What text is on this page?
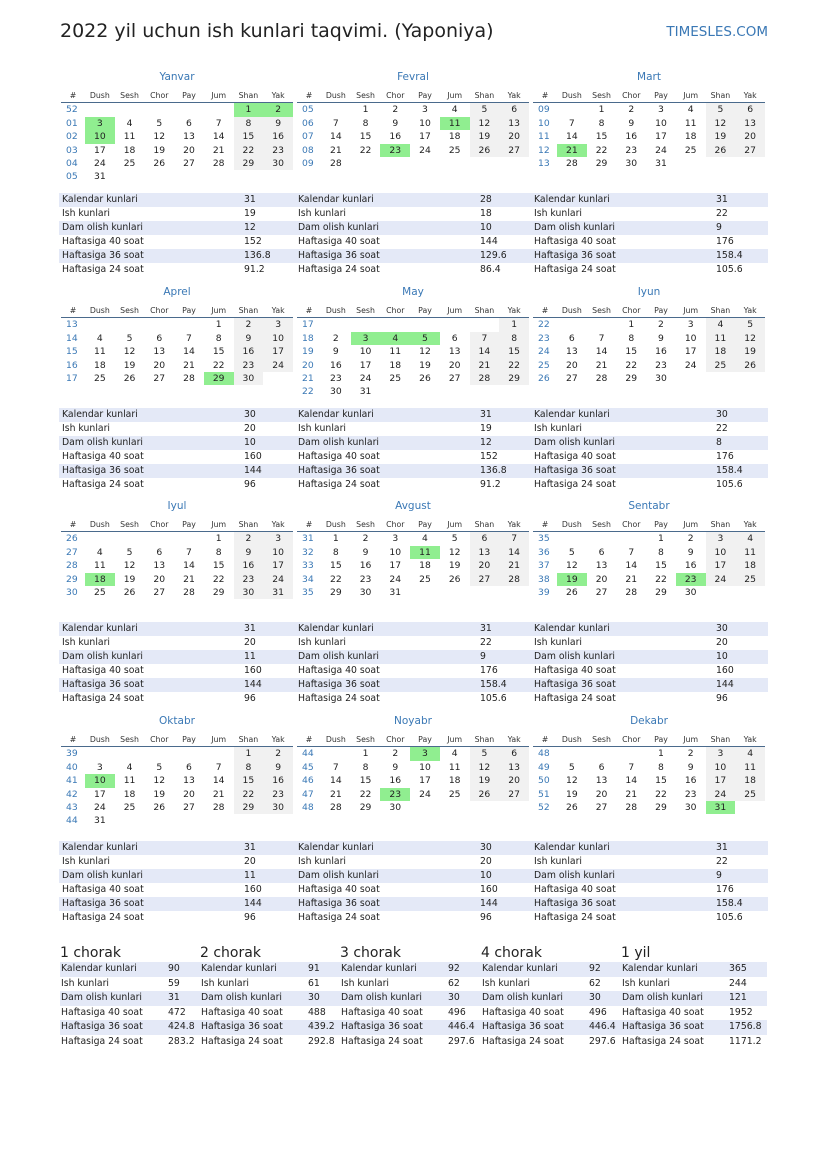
2022 yil uchun ish kunlari taqvimi. (Yaponiya)	TIMESLES.COM
Yanvar
#	Dush	Sesh	Chor	Pay	Jum	Shan	Yak
52						1	2
01	3	4	5	6	7	8	9
02	10	11	12	13	14	15	16
03	17	18	19	20	21	22	23
04	24	25	26	27	28	29	30
05	31						
Kalendar kunlari	31
Ish kunlari	19
Dam olish kunlari	12
Haftasiga 40 soat	152
Haftasiga 36 soat	136.8
Haftasiga 24 soat	91.2
Fevral
#	Dush	Sesh	Chor	Pay	Jum	Shan	Yak
05		1	2	3	4	5	6
06	7	8	9	10	11	12	13
07	14	15	16	17	18	19	20
08	21	22	23	24	25	26	27
09	28						
Kalendar kunlari	28
Ish kunlari	18
Dam olish kunlari	10
Haftasiga 40 soat	144
Haftasiga 36 soat	129.6
Haftasiga 24 soat	86.4
Mart
#	Dush	Sesh	Chor	Pay	Jum	Shan	Yak
09		1	2	3	4	5	6
10	7	8	9	10	11	12	13
11	14	15	16	17	18	19	20
12	21	22	23	24	25	26	27
13	28	29	30	31			
Kalendar kunlari	31
Ish kunlari	22
Dam olish kunlari	9
Haftasiga 40 soat	176
Haftasiga 36 soat	158.4
Haftasiga 24 soat	105.6
Aprel
#	Dush	Sesh	Chor	Pay	Jum	Shan	Yak
13					1	2	3
14	4	5	6	7	8	9	10
15	11	12	13	14	15	16	17
16	18	19	20	21	22	23	24
17	25	26	27	28	29	30	
Kalendar kunlari	30
Ish kunlari	20
Dam olish kunlari	10
Haftasiga 40 soat	160
Haftasiga 36 soat	144
Haftasiga 24 soat	96
May
#	Dush	Sesh	Chor	Pay	Jum	Shan	Yak
17							1
18	2	3	4	5	6	7	8
19	9	10	11	12	13	14	15
20	16	17	18	19	20	21	22
21	23	24	25	26	27	28	29
22	30	31					
Kalendar kunlari	31
Ish kunlari	19
Dam olish kunlari	12
Haftasiga 40 soat	152
Haftasiga 36 soat	136.8
Haftasiga 24 soat	91.2
Iyun
#	Dush	Sesh	Chor	Pay	Jum	Shan	Yak
22			1	2	3	4	5
23	6	7	8	9	10	11	12
24	13	14	15	16	17	18	19
25	20	21	22	23	24	25	26
26	27	28	29	30			
Kalendar kunlari	30
Ish kunlari	22
Dam olish kunlari	8
Haftasiga 40 soat	176
Haftasiga 36 soat	158.4
Haftasiga 24 soat	105.6
Iyul
#	Dush	Sesh	Chor	Pay	Jum	Shan	Yak
26					1	2	3
27	4	5	6	7	8	9	10
28	11	12	13	14	15	16	17
29	18	19	20	21	22	23	24
30	25	26	27	28	29	30	31
Kalendar kunlari	31
Ish kunlari	20
Dam olish kunlari	11
Haftasiga 40 soat	160
Haftasiga 36 soat	144
Haftasiga 24 soat	96
Avgust
#	Dush	Sesh	Chor	Pay	Jum	Shan	Yak
31	1	2	3	4	5	6	7
32	8	9	10	11	12	13	14
33	15	16	17	18	19	20	21
34	22	23	24	25	26	27	28
35	29	30	31				
Kalendar kunlari	31
Ish kunlari	22
Dam olish kunlari	9
Haftasiga 40 soat	176
Haftasiga 36 soat	158.4
Haftasiga 24 soat	105.6
Sentabr
#	Dush	Sesh	Chor	Pay	Jum	Shan	Yak
35				1	2	3	4
36	5	6	7	8	9	10	11
37	12	13	14	15	16	17	18
38	19	20	21	22	23	24	25
39	26	27	28	29	30		
Kalendar kunlari	30
Ish kunlari	20
Dam olish kunlari	10
Haftasiga 40 soat	160
Haftasiga 36 soat	144
Haftasiga 24 soat	96
Oktabr
#	Dush	Sesh	Chor	Pay	Jum	Shan	Yak
39						1	2
40	3	4	5	6	7	8	9
41	10	11	12	13	14	15	16
42	17	18	19	20	21	22	23
43	24	25	26	27	28	29	30
44	31						
Kalendar kunlari	31
Ish kunlari	20
Dam olish kunlari	11
Haftasiga 40 soat	160
Haftasiga 36 soat	144
Haftasiga 24 soat	96
Noyabr
#	Dush	Sesh	Chor	Pay	Jum	Shan	Yak
44		1	2	3	4	5	6
45	7	8	9	10	11	12	13
46	14	15	16	17	18	19	20
47	21	22	23	24	25	26	27
48	28	29	30				
Kalendar kunlari	30
Ish kunlari	20
Dam olish kunlari	10
Haftasiga 40 soat	160
Haftasiga 36 soat	144
Haftasiga 24 soat	96
Dekabr
#	Dush	Sesh	Chor	Pay	Jum	Shan	Yak
48				1	2	3	4
49	5	6	7	8	9	10	11
50	12	13	14	15	16	17	18
51	19	20	21	22	23	24	25
52	26	27	28	29	30	31	
Kalendar kunlari	31
Ish kunlari	22
Dam olish kunlari	9
Haftasiga 40 soat	176
Haftasiga 36 soat	158.4
Haftasiga 24 soat	105.6
1 chorak
Kalendar kunlari	90
Ish kunlari	59
Dam olish kunlari	31
Haftasiga 40 soat	472
Haftasiga 36 soat	424.8
Haftasiga 24 soat	283.2
2 chorak
Kalendar kunlari	91
Ish kunlari	61
Dam olish kunlari	30
Haftasiga 40 soat	488
Haftasiga 36 soat	439.2
Haftasiga 24 soat	292.8
3 chorak
Kalendar kunlari	92
Ish kunlari	62
Dam olish kunlari	30
Haftasiga 40 soat	496
Haftasiga 36 soat	446.4
Haftasiga 24 soat	297.6
4 chorak
Kalendar kunlari	92
Ish kunlari	62
Dam olish kunlari	30
Haftasiga 40 soat	496
Haftasiga 36 soat	446.4
Haftasiga 24 soat	297.6
1 yil
Kalendar kunlari	365
Ish kunlari	244
Dam olish kunlari	121
Haftasiga 40 soat	1952
Haftasiga 36 soat	1756.8
Haftasiga 24 soat	1171.2
